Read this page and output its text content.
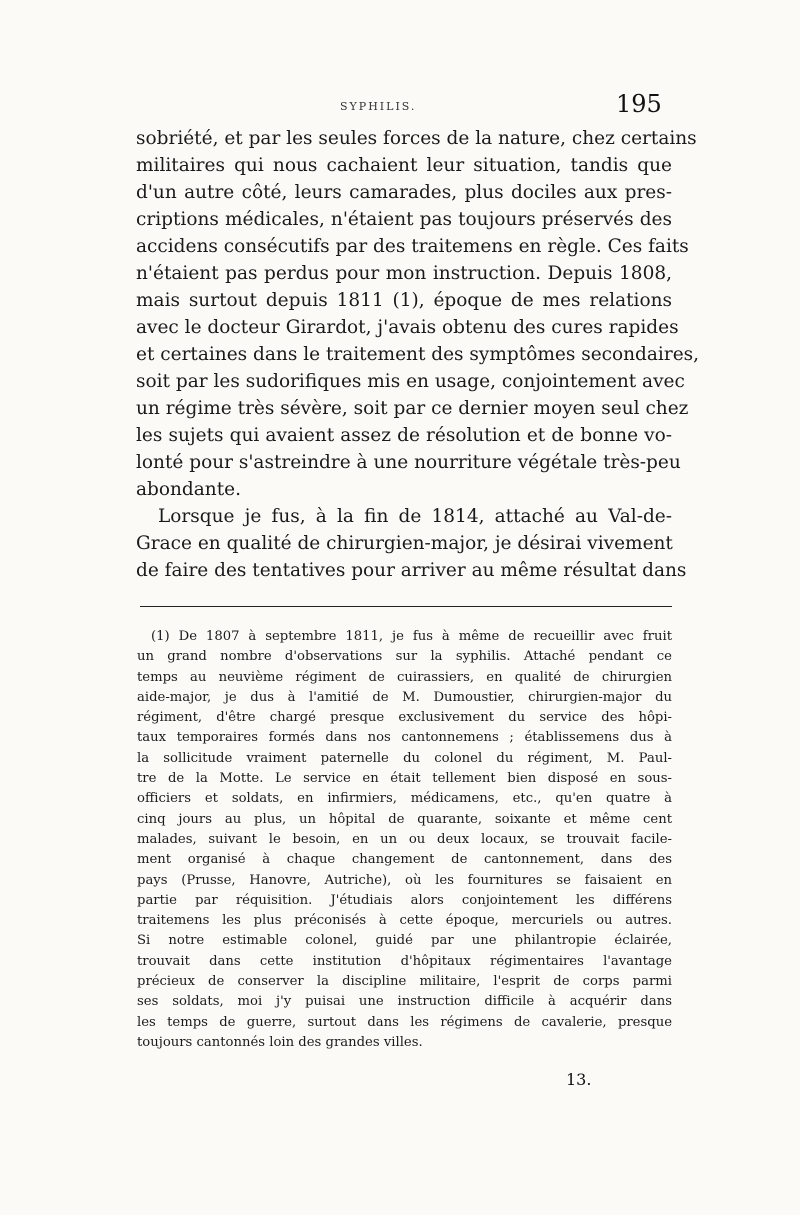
SYPHILIS.	195
sobriété, et par les seules forces de la nature, chez certains
militaires qui nous cachaient leur situation, tandis que
d'un autre côté, leurs camarades, plus dociles aux pres-
criptions médicales, n'étaient pas toujours préservés des
accidens consécutifs par des traitemens en règle. Ces faits
n'étaient pas perdus pour mon instruction. Depuis 1808,
mais surtout depuis 1811 (1), époque de mes relations
avec le docteur Girardot, j'avais obtenu des cures rapides
et certaines dans le traitement des symptômes secondaires,
soit par les sudorifiques mis en usage, conjointement avec
un régime très sévère, soit par ce dernier moyen seul chez
les sujets qui avaient assez de résolution et de bonne vo-
lonté pour s'astreindre à une nourriture végétale très-peu
abondante.
Lorsque je fus, à la fin de 1814, attaché au Val-de-
Grace en qualité de chirurgien-major, je désirai vivement
de faire des tentatives pour arriver au même résultat dans
(1) De 1807 à septembre 1811, je fus à même de recueillir avec fruit
un grand nombre d'observations sur la syphilis. Attaché pendant ce
temps au neuvième régiment de cuirassiers, en qualité de chirurgien
aide-major, je dus à l'amitié de M. Dumoustier, chirurgien-major du
régiment, d'être chargé presque exclusivement du service des hôpi-
taux temporaires formés dans nos cantonnemens ; établissemens dus à
la sollicitude vraiment paternelle du colonel du régiment, M. Paul-
tre de la Motte. Le service en était tellement bien disposé en sous-
officiers et soldats, en infirmiers, médicamens, etc., qu'en quatre à
cinq jours au plus, un hôpital de quarante, soixante et même cent
malades, suivant le besoin, en un ou deux locaux, se trouvait facile-
ment organisé à chaque changement de cantonnement, dans des
pays (Prusse, Hanovre, Autriche), où les fournitures se faisaient en
partie par réquisition. J'étudiais alors conjointement les différens
traitemens les plus préconisés à cette époque, mercuriels ou autres.
Si notre estimable colonel, guidé par une philantropie éclairée,
trouvait dans cette institution d'hôpitaux régimentaires l'avantage
précieux de conserver la discipline militaire, l'esprit de corps parmi
ses soldats, moi j'y puisai une instruction difficile à acquérir dans
les temps de guerre, surtout dans les régimens de cavalerie, presque
toujours cantonnés loin des grandes villes.
13.
